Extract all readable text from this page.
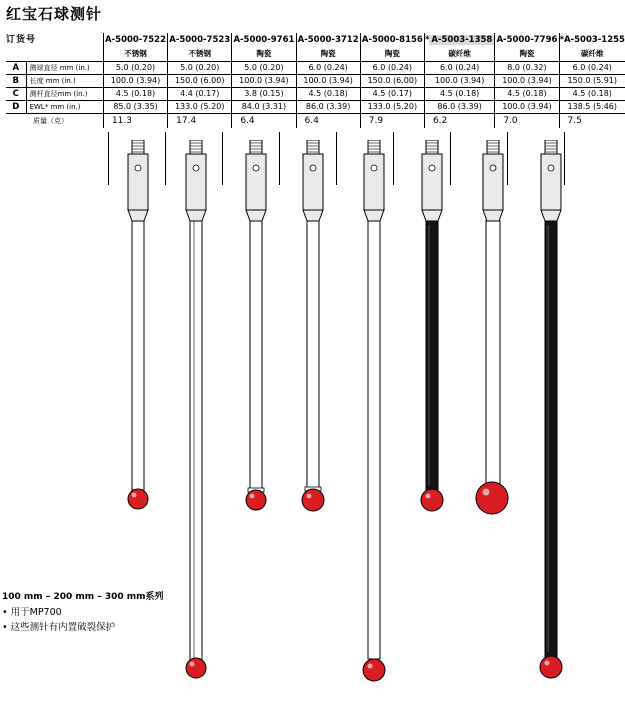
红宝石球测针
订货号		A-5000-7522	A-5000-7523	A-5000-9761	A-5000-3712	A-5000-8156	* A-5003-1358	A-5000-7796	*A-5003-1255
		不锈钢	不锈钢	陶瓷	陶瓷	陶瓷	碳纤维	陶瓷	碳纤维
A	测球直径 mm (in.)	5.0 (0.20)	5.0 (0.20)	5.0 (0.20)	6.0 (0.24)	6.0 (0.24)	6.0 (0.24)	8.0 (0.32)	6.0 (0.24)
B	长度 mm (in.)	100.0 (3.94)	150.0 (6.00)	100.0 (3.94)	100.0 (3.94)	150.0 (6.00)	100.0 (3.94)	100.0 (3.94)	150.0 (5.91)
C	测杆直径mm (in.)	4.5 (0.18)	4.4 (0.17)	3.8 (0.15)	4.5 (0.18)	4.5 (0.17)	4.5 (0.18)	4.5 (0.18)	4.5 (0.18)
D	EWL* mm (in.)	85.0 (3.35)	133.0 (5.20)	84.0 (3.31)	86.0 (3.39)	133.0 (5.20)	86.0 (3.39)	100.0 (3.94)	138.5 (5.46)
质量（克）		11.3	17.4	6.4	6.4	7.9	6.2	7.0	7.5
100 mm – 200 mm – 300 mm系列
• 用于MP700
• 这些测针有内置破裂保护
